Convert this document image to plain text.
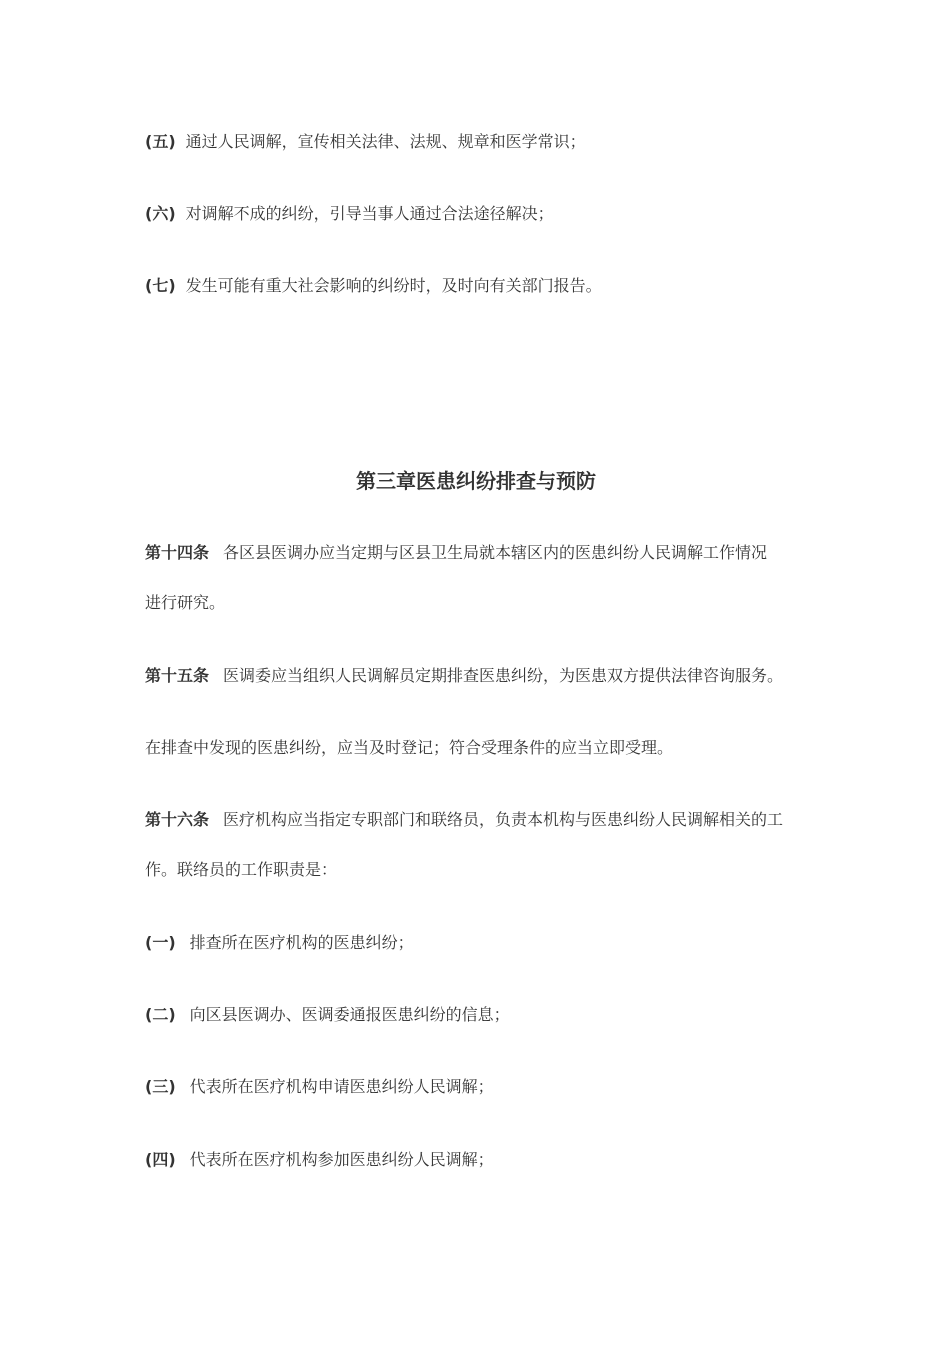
(五) 通过人民调解，宣传相关法律、法规、规章和医学常识；
(六) 对调解不成的纠纷，引导当事人通过合法途径解决；
(七) 发生可能有重大社会影响的纠纷时，及时向有关部门报告。
第三章医患纠纷排查与预防
第十四条 各区县医调办应当定期与区县卫生局就本辖区内的医患纠纷人民调解工作情况
进行研究。
第十五条 医调委应当组织人民调解员定期排查医患纠纷，为医患双方提供法律咨询服务。
在排查中发现的医患纠纷，应当及时登记；符合受理条件的应当立即受理。
第十六条 医疗机构应当指定专职部门和联络员，负责本机构与医患纠纷人民调解相关的工
作。联络员的工作职责是：
(一) 排查所在医疗机构的医患纠纷；
(二) 向区县医调办、医调委通报医患纠纷的信息；
(三) 代表所在医疗机构申请医患纠纷人民调解；
(四) 代表所在医疗机构参加医患纠纷人民调解；
